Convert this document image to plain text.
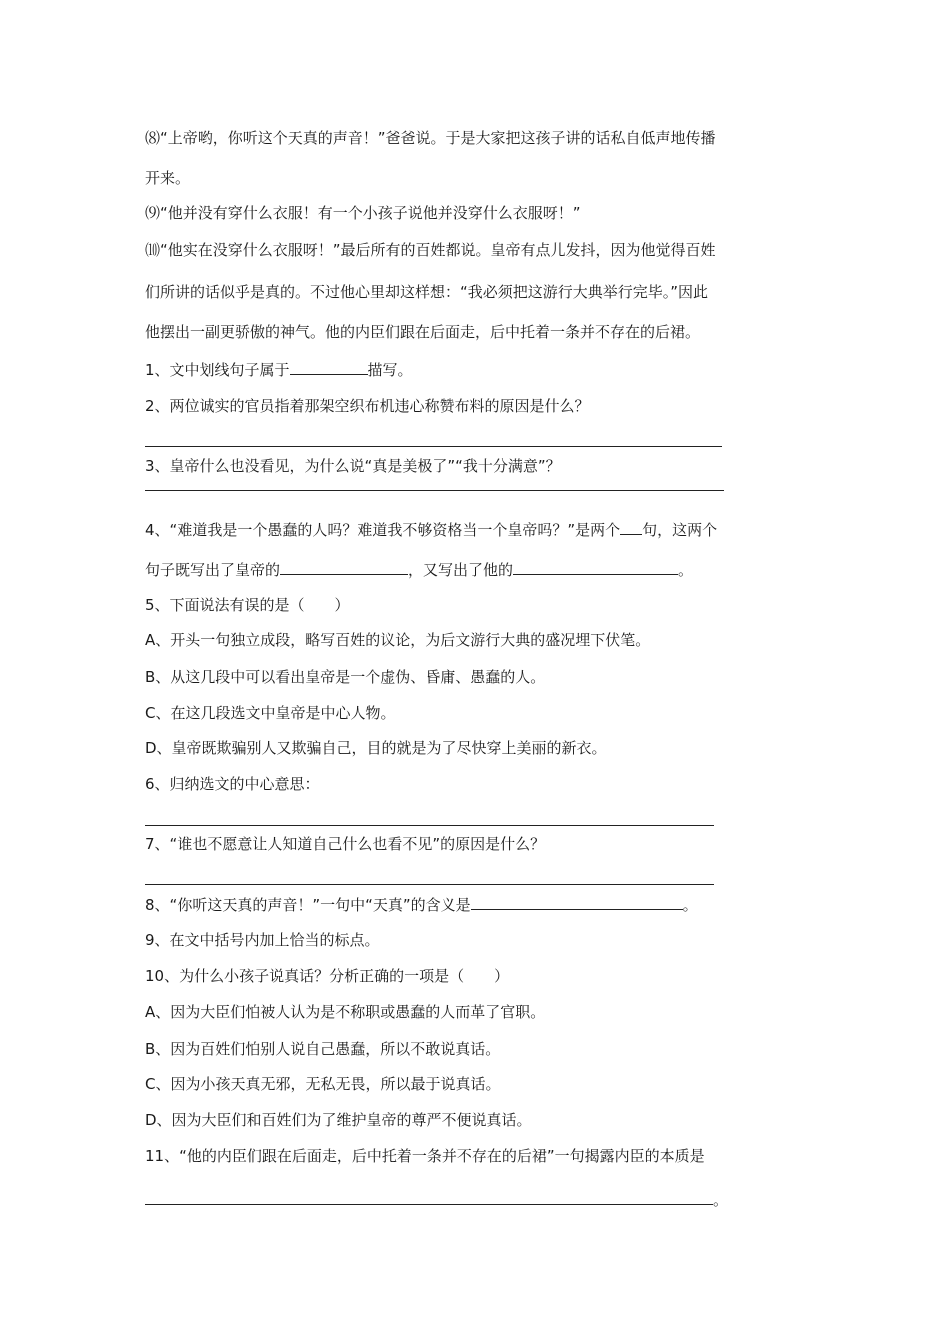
⑻“上帝哟，你听这个天真的声音！”爸爸说。于是大家把这孩子讲的话私自低声地传播
开来。
⑼“他并没有穿什么衣服！有一个小孩子说他并没穿什么衣服呀！”
⑽“他实在没穿什么衣服呀！”最后所有的百姓都说。皇帝有点儿发抖，因为他觉得百姓
们所讲的话似乎是真的。不过他心里却这样想：“我必须把这游行大典举行完毕。”因此
他摆出一副更骄傲的神气。他的内臣们跟在后面走，后中托着一条并不存在的后裙。
1、文中划线句子属于	描写。
2、两位诚实的官员指着那架空织布机违心称赞布料的原因是什么？
3、皇帝什么也没看见，为什么说“真是美极了”“我十分满意”？
4、“难道我是一个愚蠢的人吗？难道我不够资格当一个皇帝吗？”是两个 句，这两个
句子既写出了皇帝的	，又写出了他的	。
5、下面说法有误的是（　　）
A、开头一句独立成段，略写百姓的议论，为后文游行大典的盛况埋下伏笔。
B、从这几段中可以看出皇帝是一个虚伪、昏庸、愚蠢的人。
C、在这几段选文中皇帝是中心人物。
D、皇帝既欺骗别人又欺骗自己，目的就是为了尽快穿上美丽的新衣。
6、归纳选文的中心意思：
7、“谁也不愿意让人知道自己什么也看不见”的原因是什么？
8、“你听这天真的声音！”一句中“天真”的含义是	。
9、在文中括号内加上恰当的标点。
10、为什么小孩子说真话？分析正确的一项是（　　）
A、因为大臣们怕被人认为是不称职或愚蠢的人而革了官职。
B、因为百姓们怕别人说自己愚蠢，所以不敢说真话。
C、因为小孩天真无邪，无私无畏，所以最于说真话。
D、因为大臣们和百姓们为了维护皇帝的尊严不便说真话。
11、“他的内臣们跟在后面走，后中托着一条并不存在的后裙”一句揭露内臣的本质是
。
